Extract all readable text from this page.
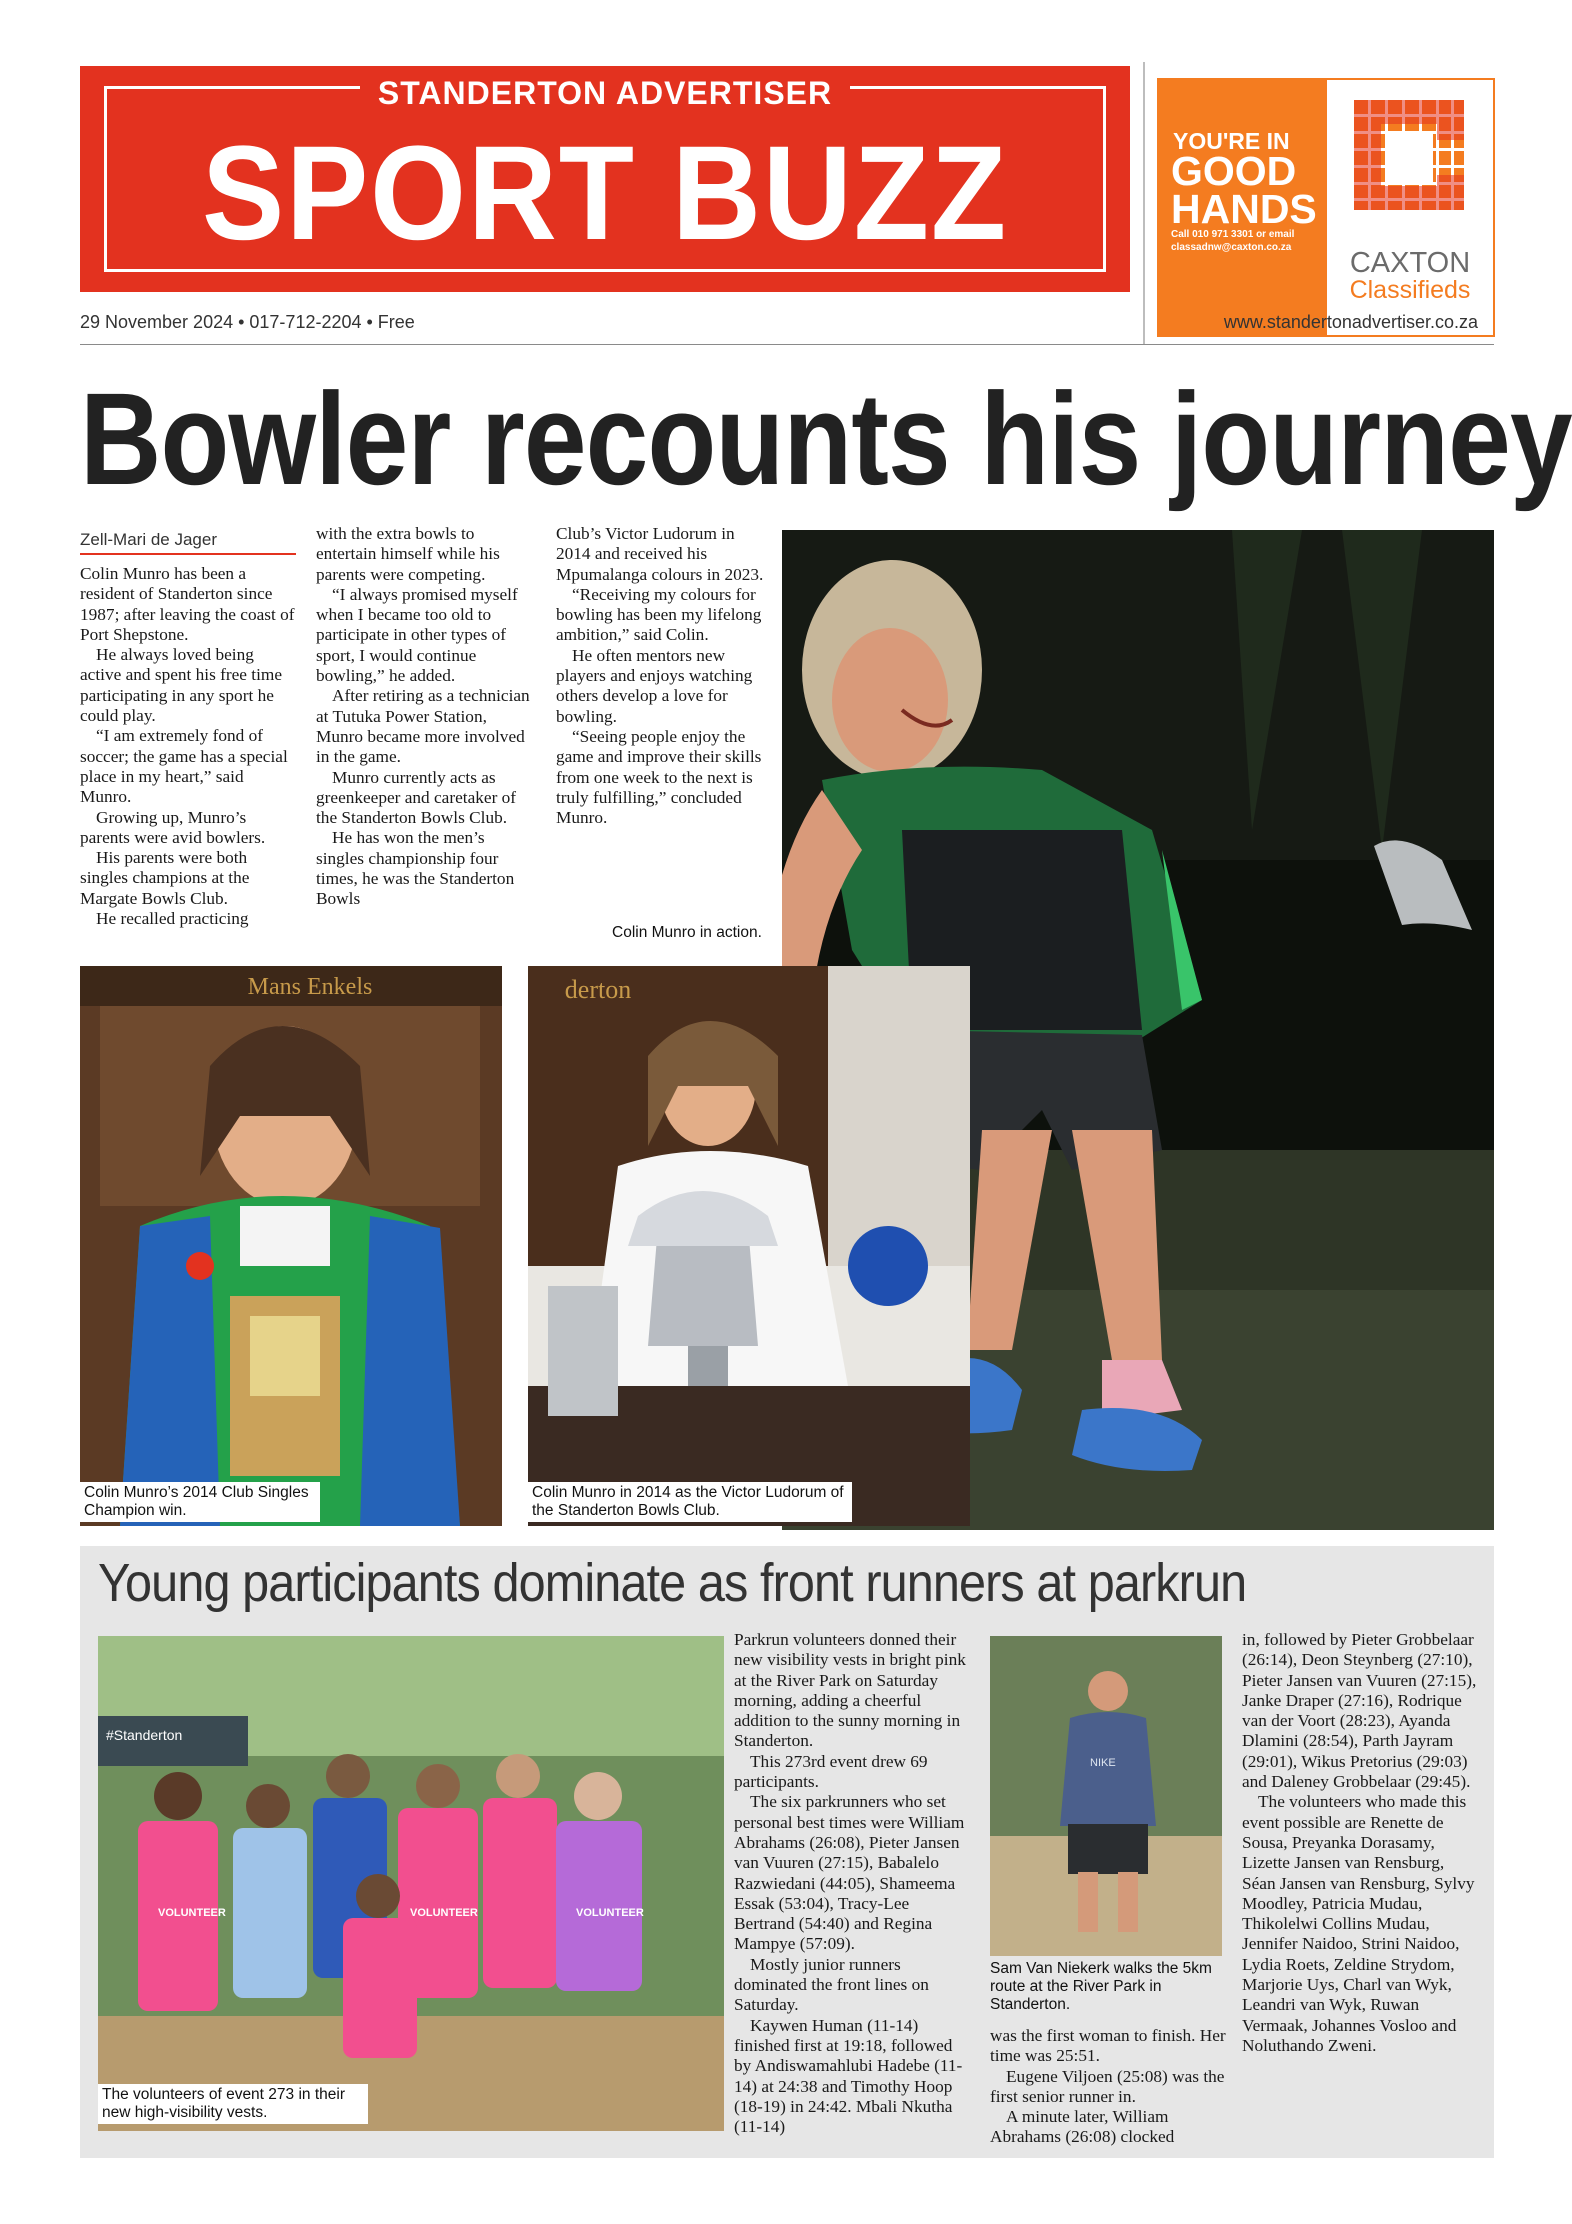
STANDERTON ADVERTISER
SPORT BUZZ	YOU'RE IN
GOOD
HANDS
Call 010 971 3301 or email classadnw@caxton.co.za	CAXTON
Classifieds
29 November 2024 • 017-712-2204 • Free	www.standertonadvertiser.co.za
Bowler recounts his journey
Zell-Mari de Jager

Colin Munro has been a resident of Standerton since 1987; after leaving the coast of Port Shepstone.

He always loved being active and spent his free time participating in any sport he could play.

“I am extremely fond of soccer; the game has a special place in my heart,” said Munro.

Growing up, Munro’s parents were avid bowlers.

His parents were both singles champions at the Margate Bowls Club.

He recalled practicing

with the extra bowls to entertain himself while his parents were competing.

“I always promised myself when I became too old to participate in other types of sport, I would continue bowling,” he added.

After retiring as a technician at Tutuka Power Station, Munro became more involved in the game.

Munro currently acts as greenkeeper and caretaker of the Standerton Bowls Club.

He has won the men’s singles championship four times, he was the Standerton Bowls

Club’s Victor Ludorum in 2014 and received his Mpumalanga colours in 2023.

“Receiving my colours for bowling has been my lifelong ambition,” said Colin.

He often mentors new players and enjoys watching others develop a love for bowling.

“Seeing people enjoy the game and improve their skills from one week to the next is truly fulfilling,” concluded Munro.

Colin Munro in action.
Mans Enkels
Colin Munro’s 2014 Club Singles Champion win.
derton
Colin Munro in 2014 as the Victor Ludorum of the Standerton Bowls Club.
Young participants dominate as front runners at parkrun
#Standerton
VOLUNTEER	VOLUNTEER	VOLUNTEER
The volunteers of event 273 in their new high-visibility vests.

Parkrun volunteers donned their new visibility vests in bright pink at the River Park on Saturday morning, adding a cheerful addition to the sunny morning in Standerton.

This 273rd event drew 69 participants.

The six parkrunners who set personal best times were William Abrahams (26:08), Pieter Jansen van Vuuren (27:15), Babalelo Razwiedani (44:05), Shameema Essak (53:04), Tracy-Lee Bertrand (54:40) and Regina Mampye (57:09).

Mostly junior runners dominated the front lines on Saturday.

Kaywen Human (11-14) finished first at 19:18, followed by Andiswamahlubi Hadebe (11-14) at 24:38 and Timothy Hoop (18-19) in 24:42. Mbali Nkutha (11-14)

NIKE
Sam Van Niekerk walks the 5km route at the River Park in Standerton.

was the first woman to finish. Her time was 25:51.

Eugene Viljoen (25:08) was the first senior runner in.

A minute later, William Abrahams (26:08) clocked

in, followed by Pieter Grobbelaar (26:14), Deon Steynberg (27:10), Pieter Jansen van Vuuren (27:15), Janke Draper (27:16), Rodrique van der Voort (28:23), Ayanda Dlamini (28:54), Parth Jayram (29:01), Wikus Pretorius (29:03) and Daleney Grobbelaar (29:45).

The volunteers who made this event possible are Renette de Sousa, Preyanka Dorasamy, Lizette Jansen van Rensburg, Séan Jansen van Rensburg, Sylvy Moodley, Patricia Mudau, Thikolelwi Collins Mudau, Jennifer Naidoo, Strini Naidoo, Lydia Roets, Zeldine Strydom, Marjorie Uys, Charl van Wyk, Leandri van Wyk, Ruwan Vermaak, Johannes Vosloo and Noluthando Zweni.
